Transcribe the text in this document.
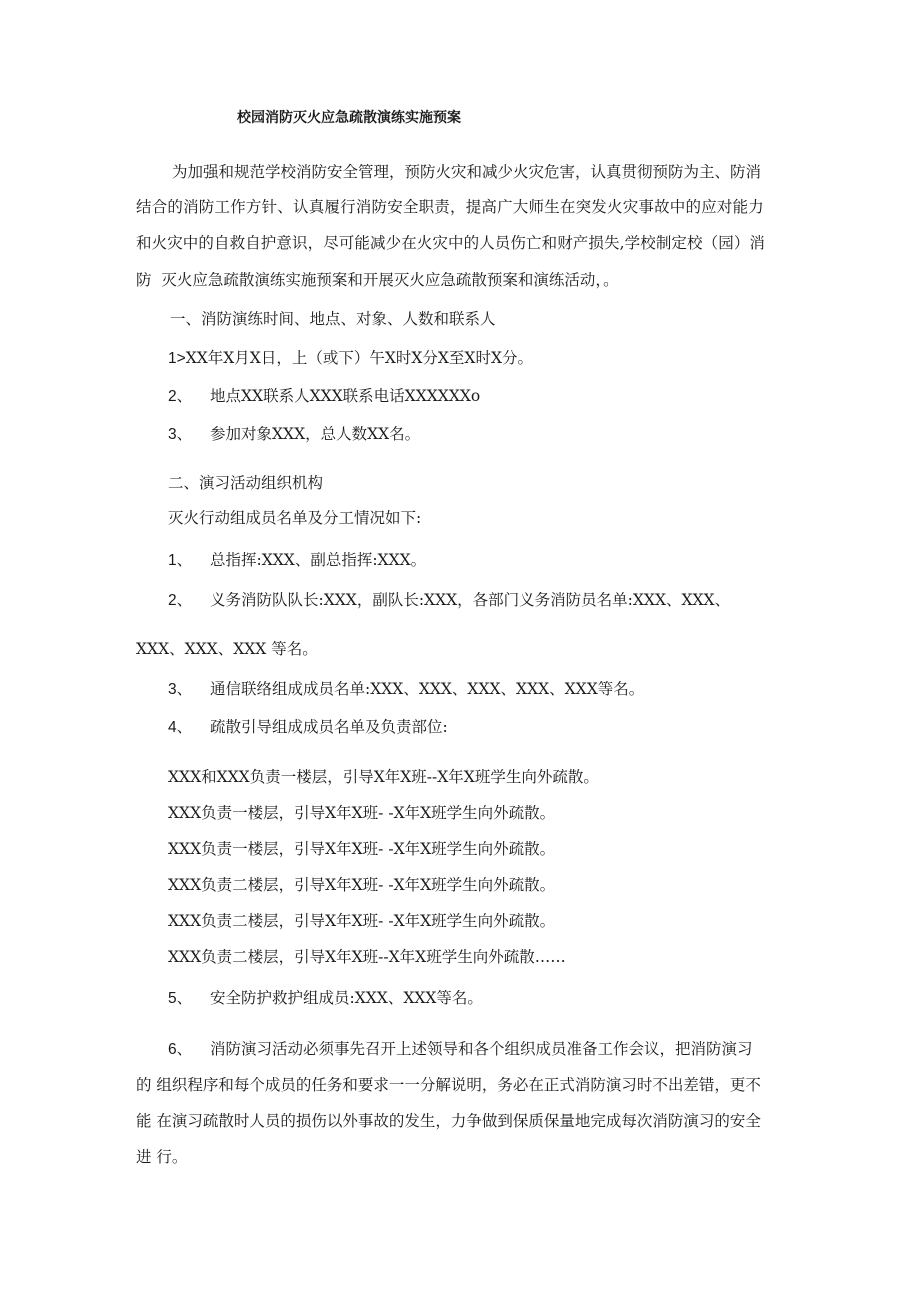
校园消防灭火应急疏散演练实施预案
为加强和规范学校消防安全管理，预防火灾和减少火灾危害，认真贯彻预防为主、防消
结合的消防工作方针、认真履行消防安全职责，提高广大师生在突发火灾事故中的应对能力
和火灾中的自救自护意识，尽可能减少在火灾中的人员伤亡和财产损失,学校制定校（园）消
防  灭火应急疏散演练实施预案和开展灭火应急疏散预案和演练活动，。
一、消防演练时间、地点、对象、人数和联系人
1>XX年X月X日，上（或下）午X时X分X至X时X分。
2、 地点XX联系人XXX联系电话XXXXXXo
3、 参加对象XXX，总人数XX名。
二、演习活动组织机构
灭火行动组成员名单及分工情况如下:
1、 总指挥:XXX、副总指挥:XXX。
2、 义务消防队队长:XXX，副队长:XXX，各部门义务消防员名单:XXX、XXX、
XXX、XXX、XXX 等名。
3、 通信联络组成成员名单:XXX、XXX、XXX、XXX、XXX等名。
4、 疏散引导组成成员名单及负责部位:
XXX和XXX负责一楼层，引导X年X班--X年X班学生向外疏散。
XXX负责一楼层，引导X年X班- -X年X班学生向外疏散。
XXX负责一楼层，引导X年X班- -X年X班学生向外疏散。
XXX负责二楼层，引导X年X班- -X年X班学生向外疏散。
XXX负责二楼层，引导X年X班- -X年X班学生向外疏散。
XXX负责二楼层，引导X年X班--X年X班学生向外疏散……
5、 安全防护救护组成员:XXX、XXX等名。
6、 消防演习活动必须事先召开上述领导和各个组织成员准备工作会议，把消防演习
的 组织程序和每个成员的任务和要求一一分解说明，务必在正式消防演习时不出差错，更不
能 在演习疏散时人员的损伤以外事故的发生，力争做到保质保量地完成每次消防演习的安全
进 行。
